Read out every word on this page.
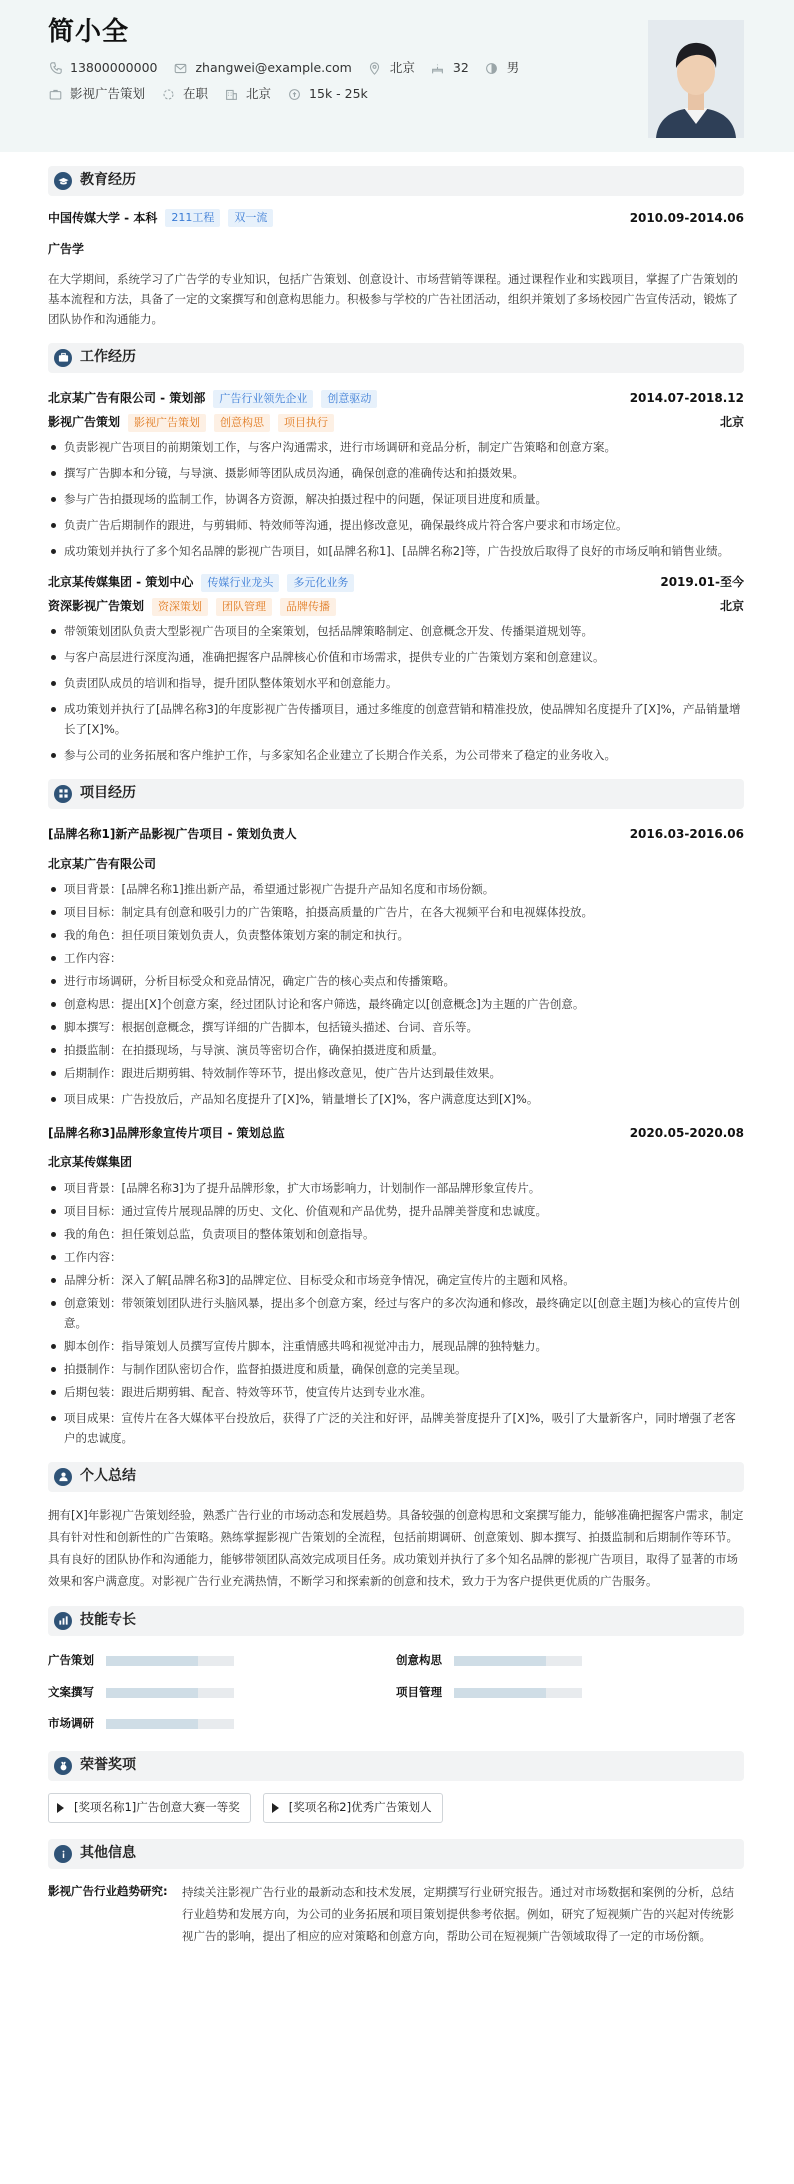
简小全
13800000000	zhangwei@example.com	北京	32	男
影视广告策划	在职	北京	15k - 25k
教育经历
中国传媒大学 - 本科	211工程	双一流	2010.09-2014.06
广告学
在大学期间，系统学习了广告学的专业知识，包括广告策划、创意设计、市场营销等课程。通过课程作业和实践项目，掌握了广告策划的基本流程和方法，具备了一定的文案撰写和创意构思能力。积极参与学校的广告社团活动，组织并策划了多场校园广告宣传活动，锻炼了团队协作和沟通能力。
工作经历
北京某广告有限公司 - 策划部	广告行业领先企业	创意驱动	2014.07-2018.12
影视广告策划	影视广告策划	创意构思	项目执行	北京
负责影视广告项目的前期策划工作，与客户沟通需求，进行市场调研和竞品分析，制定广告策略和创意方案。
撰写广告脚本和分镜，与导演、摄影师等团队成员沟通，确保创意的准确传达和拍摄效果。
参与广告拍摄现场的监制工作，协调各方资源，解决拍摄过程中的问题，保证项目进度和质量。
负责广告后期制作的跟进，与剪辑师、特效师等沟通，提出修改意见，确保最终成片符合客户要求和市场定位。
成功策划并执行了多个知名品牌的影视广告项目，如[品牌名称1]、[品牌名称2]等，广告投放后取得了良好的市场反响和销售业绩。
北京某传媒集团 - 策划中心	传媒行业龙头	多元化业务	2019.01-至今
资深影视广告策划	资深策划	团队管理	品牌传播	北京
带领策划团队负责大型影视广告项目的全案策划，包括品牌策略制定、创意概念开发、传播渠道规划等。
与客户高层进行深度沟通，准确把握客户品牌核心价值和市场需求，提供专业的广告策划方案和创意建议。
负责团队成员的培训和指导，提升团队整体策划水平和创意能力。
成功策划并执行了[品牌名称3]的年度影视广告传播项目，通过多维度的创意营销和精准投放，使品牌知名度提升了[X]%，产品销量增长了[X]%。
参与公司的业务拓展和客户维护工作，与多家知名企业建立了长期合作关系，为公司带来了稳定的业务收入。
项目经历
[品牌名称1]新产品影视广告项目 - 策划负责人	2016.03-2016.06
北京某广告有限公司
项目背景：[品牌名称1]推出新产品，希望通过影视广告提升产品知名度和市场份额。
项目目标：制定具有创意和吸引力的广告策略，拍摄高质量的广告片，在各大视频平台和电视媒体投放。
我的角色：担任项目策划负责人，负责整体策划方案的制定和执行。
工作内容：
进行市场调研，分析目标受众和竞品情况，确定广告的核心卖点和传播策略。
创意构思：提出[X]个创意方案，经过团队讨论和客户筛选，最终确定以[创意概念]为主题的广告创意。
脚本撰写：根据创意概念，撰写详细的广告脚本，包括镜头描述、台词、音乐等。
拍摄监制：在拍摄现场，与导演、演员等密切合作，确保拍摄进度和质量。
后期制作：跟进后期剪辑、特效制作等环节，提出修改意见，使广告片达到最佳效果。
项目成果：广告投放后，产品知名度提升了[X]%，销量增长了[X]%，客户满意度达到[X]%。
[品牌名称3]品牌形象宣传片项目 - 策划总监	2020.05-2020.08
北京某传媒集团
项目背景：[品牌名称3]为了提升品牌形象，扩大市场影响力，计划制作一部品牌形象宣传片。
项目目标：通过宣传片展现品牌的历史、文化、价值观和产品优势，提升品牌美誉度和忠诚度。
我的角色：担任策划总监，负责项目的整体策划和创意指导。
工作内容：
品牌分析：深入了解[品牌名称3]的品牌定位、目标受众和市场竞争情况，确定宣传片的主题和风格。
创意策划：带领策划团队进行头脑风暴，提出多个创意方案，经过与客户的多次沟通和修改，最终确定以[创意主题]为核心的宣传片创意。
脚本创作：指导策划人员撰写宣传片脚本，注重情感共鸣和视觉冲击力，展现品牌的独特魅力。
拍摄制作：与制作团队密切合作，监督拍摄进度和质量，确保创意的完美呈现。
后期包装：跟进后期剪辑、配音、特效等环节，使宣传片达到专业水准。
项目成果：宣传片在各大媒体平台投放后，获得了广泛的关注和好评，品牌美誉度提升了[X]%，吸引了大量新客户，同时增强了老客户的忠诚度。
个人总结
拥有[X]年影视广告策划经验，熟悉广告行业的市场动态和发展趋势。具备较强的创意构思和文案撰写能力，能够准确把握客户需求，制定具有针对性和创新性的广告策略。熟练掌握影视广告策划的全流程，包括前期调研、创意策划、脚本撰写、拍摄监制和后期制作等环节。具有良好的团队协作和沟通能力，能够带领团队高效完成项目任务。成功策划并执行了多个知名品牌的影视广告项目，取得了显著的市场效果和客户满意度。对影视广告行业充满热情，不断学习和探索新的创意和技术，致力于为客户提供更优质的广告服务。
技能专长
广告策划	创意构思
文案撰写	项目管理
市场调研
荣誉奖项
[奖项名称1]广告创意大赛一等奖	[奖项名称2]优秀广告策划人
其他信息
影视广告行业趋势研究:	持续关注影视广告行业的最新动态和技术发展，定期撰写行业研究报告。通过对市场数据和案例的分析，总结行业趋势和发展方向，为公司的业务拓展和项目策划提供参考依据。例如，研究了短视频广告的兴起对传统影视广告的影响，提出了相应的应对策略和创意方向，帮助公司在短视频广告领域取得了一定的市场份额。
